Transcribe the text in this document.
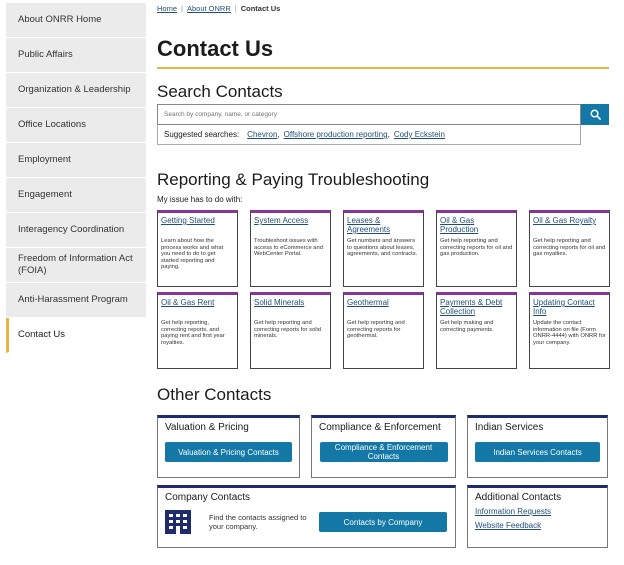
About ONRR Home
Public Affairs
Organization & Leadership
Office Locations
Employment
Engagement
Interagency Coordination
Freedom of Information Act (FOIA)
Anti-Harassment Program
Contact Us
Home | About ONRR | Contact Us
Contact Us
Search Contacts
Search by company, name, or category
Suggested searches: Chevron, Offshore production reporting, Cody Eckstein
Reporting & Paying Troubleshooting
My issue has to do with:
Getting Started
Learn about how the process works and what you need to do to get started reporting and paying.
System Access
Troubleshoot issues with access to eCommerce and WebCenter Portal.
Leases & Agreements
Get numbers and answers to questions about leases, agreements, and contracts.
Oil & Gas Production
Get help reporting and correcting reports for oil and gas production.
Oil & Gas Royalty
Get help reporting and correcting reports for oil and gas royalties.
Oil & Gas Rent
Get help reporting, correcting reports, and paying rent and first year royalties.
Solid Minerals
Get help reporting and correcting reports for solid minerals.
Geothermal
Get help reporting and correcting reports for geothermal.
Payments & Debt Collection
Get help making and correcting payments.
Updating Contact Info
Update the contact information on file (Form ONRR-4444) with ONRR for your company.
Other Contacts
Valuation & Pricing
Valuation & Pricing Contacts
Compliance & Enforcement
Compliance & Enforcement Contacts
Indian Services
Indian Services Contacts
Company Contacts
Find the contacts assigned to your company.	Contacts by Company
Additional Contacts
Information Requests
Website Feedback
